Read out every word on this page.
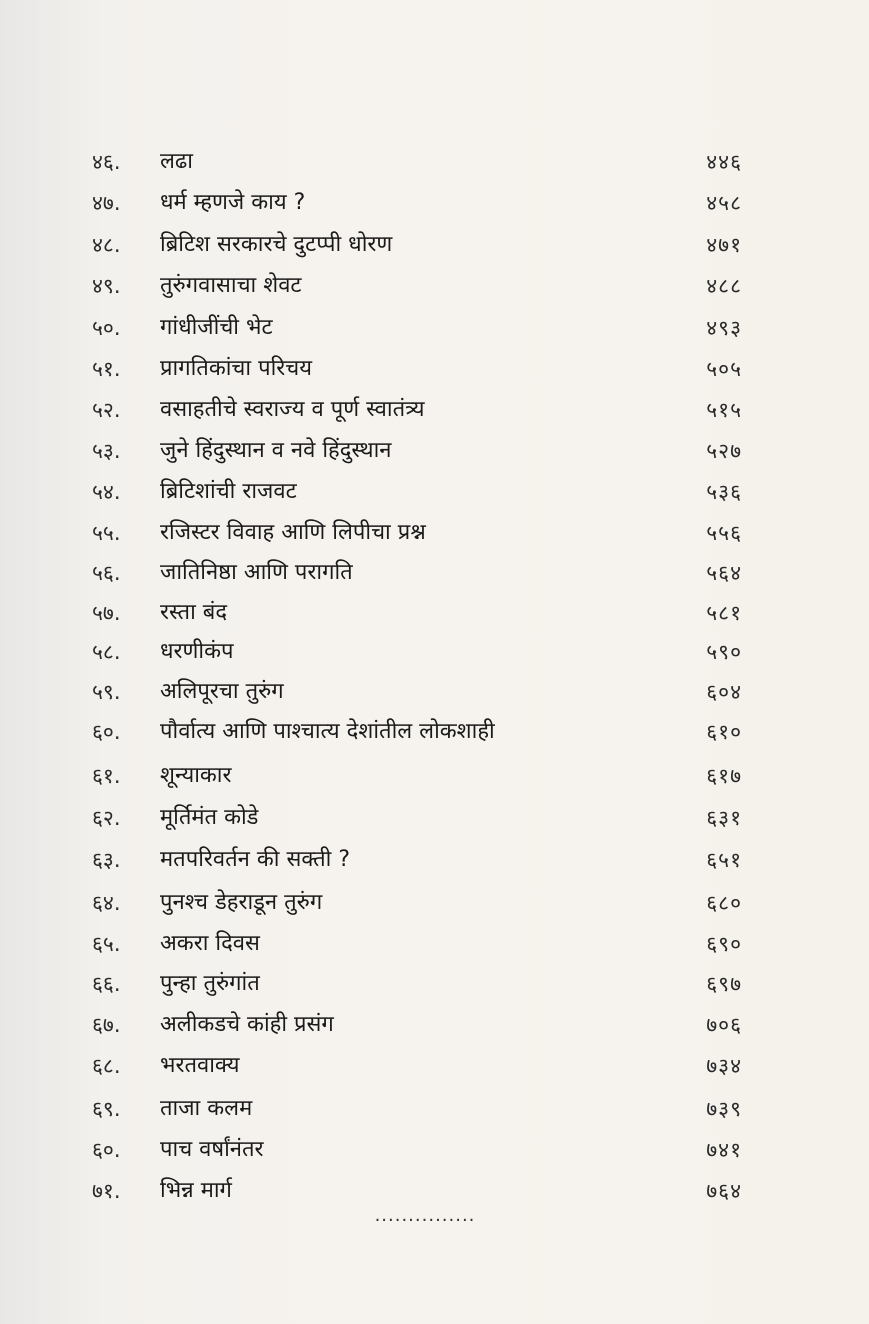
४६.	लढा	४४६
४७.	धर्म म्हणजे काय ?	४५८
४८.	ब्रिटिश सरकारचे दुटप्पी धोरण	४७१
४९.	तुरुंगवासाचा शेवट	४८८
५०.	गांधीजींची भेट	४९३
५१.	प्रागतिकांचा परिचय	५०५
५२.	वसाहतीचे स्वराज्य व पूर्ण स्वातंत्र्य	५१५
५३.	जुने हिंदुस्थान व नवे हिंदुस्थान	५२७
५४.	ब्रिटिशांची राजवट	५३६
५५.	रजिस्टर विवाह आणि लिपीचा प्रश्न	५५६
५६.	जातिनिष्ठा आणि परागति	५६४
५७.	रस्ता बंद	५८१
५८.	धरणीकंप	५९०
५९.	अलिपूरचा तुरुंग	६०४
६०.	पौर्वात्य आणि पाश्चात्य देशांतील लोकशाही	६१०
६१.	शून्याकार	६१७
६२.	मूर्तिमंत कोडे	६३१
६३.	मतपरिवर्तन की सक्ती ?	६५१
६४.	पुनश्च डेहराडून तुरुंग	६८०
६५.	अकरा दिवस	६९०
६६.	पुन्हा तुरुंगांत	६९७
६७.	अलीकडचे कांही प्रसंग	७०६
६८.	भरतवाक्य	७३४
६९.	ताजा कलम	७३९
६०.	पाच वर्षांनंतर	७४१
७१.	भिन्न मार्ग	७६४
...............
